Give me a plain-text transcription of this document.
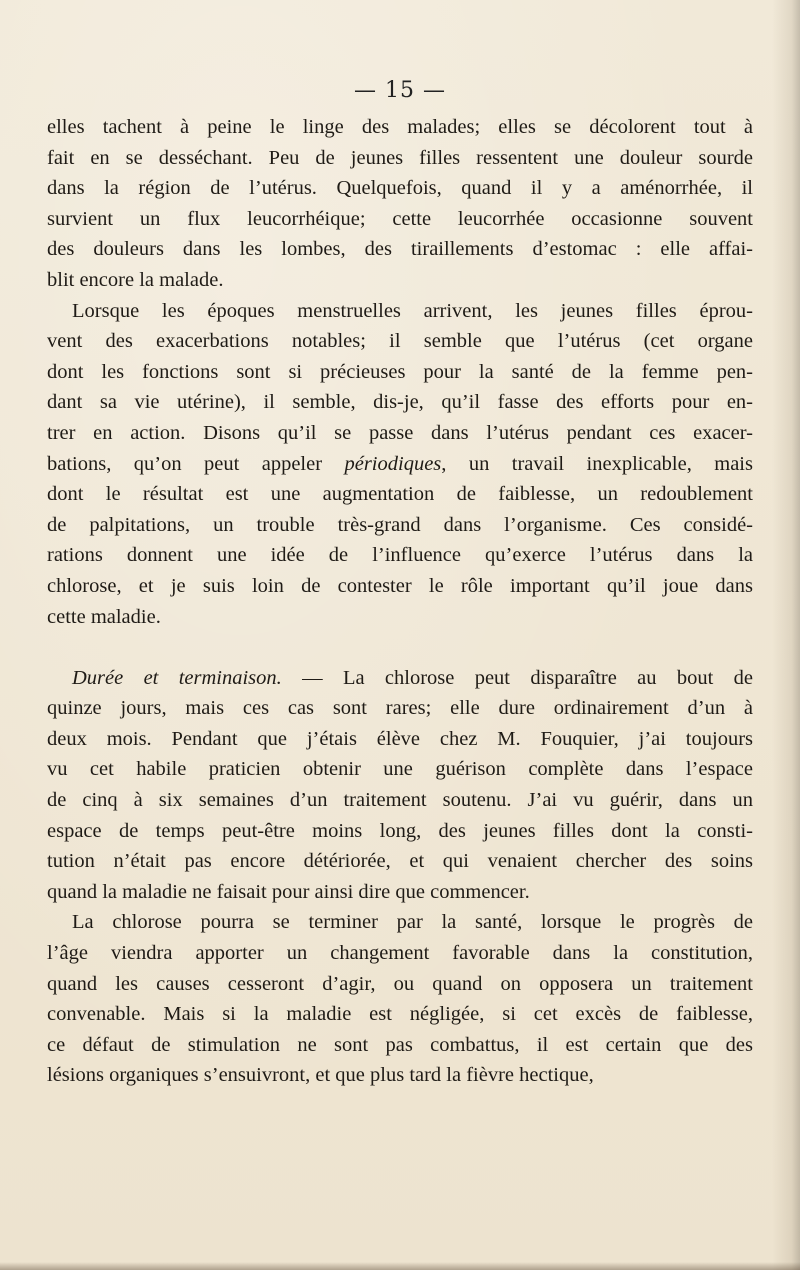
— 15 —
elles tachent à peine le linge des malades; elles se décolorent tout à
fait en se desséchant. Peu de jeunes filles ressentent une douleur sourde
dans la région de l’utérus. Quelquefois, quand il y a aménorrhée, il
survient un flux leucorrhéique; cette leucorrhée occasionne souvent
des douleurs dans les lombes, des tiraillements d’estomac : elle affai-
blit encore la malade.
Lorsque les époques menstruelles arrivent, les jeunes filles éprou-
vent des exacerbations notables; il semble que l’utérus (cet organe
dont les fonctions sont si précieuses pour la santé de la femme pen-
dant sa vie utérine), il semble, dis-je, qu’il fasse des efforts pour en-
trer en action. Disons qu’il se passe dans l’utérus pendant ces exacer-
bations, qu’on peut appeler périodiques, un travail inexplicable, mais
dont le résultat est une augmentation de faiblesse, un redoublement
de palpitations, un trouble très-grand dans l’organisme. Ces considé-
rations donnent une idée de l’influence qu’exerce l’utérus dans la
chlorose, et je suis loin de contester le rôle important qu’il joue dans
cette maladie.
Durée et terminaison. — La chlorose peut disparaître au bout de
quinze jours, mais ces cas sont rares; elle dure ordinairement d’un à
deux mois. Pendant que j’étais élève chez M. Fouquier, j’ai toujours
vu cet habile praticien obtenir une guérison complète dans l’espace
de cinq à six semaines d’un traitement soutenu. J’ai vu guérir, dans un
espace de temps peut-être moins long, des jeunes filles dont la consti-
tution n’était pas encore détériorée, et qui venaient chercher des soins
quand la maladie ne faisait pour ainsi dire que commencer.
La chlorose pourra se terminer par la santé, lorsque le progrès de
l’âge viendra apporter un changement favorable dans la constitution,
quand les causes cesseront d’agir, ou quand on opposera un traitement
convenable. Mais si la maladie est négligée, si cet excès de faiblesse,
ce défaut de stimulation ne sont pas combattus, il est certain que des
lésions organiques s’ensuivront, et que plus tard la fièvre hectique,
